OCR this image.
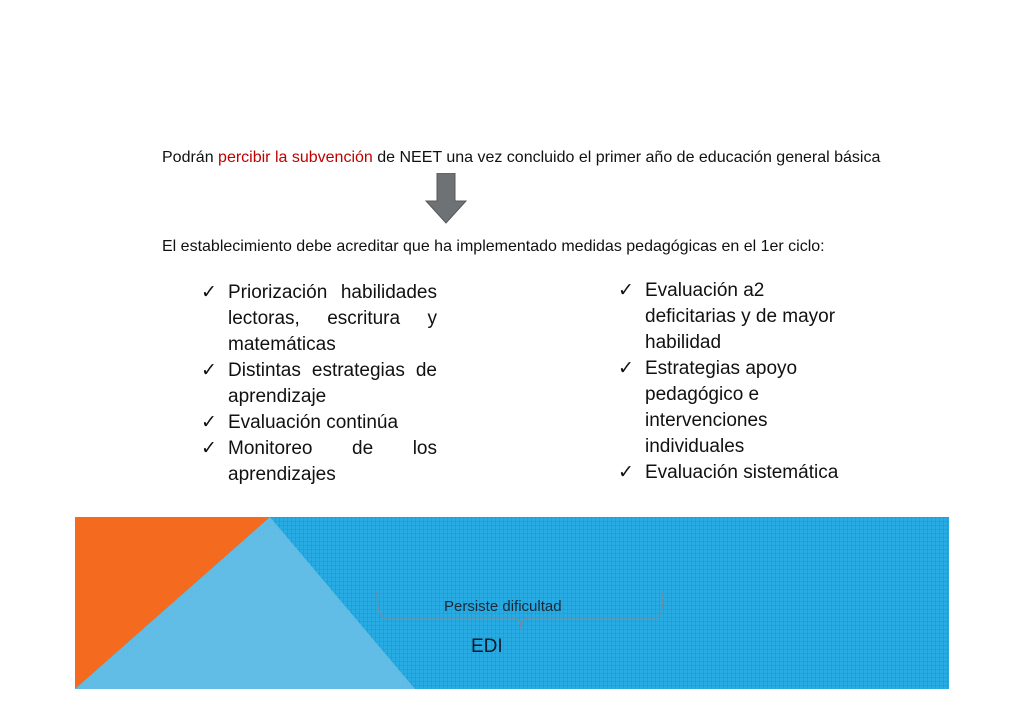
Podrán percibir la subvención de NEET una vez concluido el primer año de educación general básica
El establecimiento debe acreditar que ha implementado medidas pedagógicas en el 1er ciclo:
✓ Priorización habilidades lectoras, escritura y matemáticas
✓ Distintas estrategias de aprendizaje
✓ Evaluación continúa
✓ Monitoreo de los aprendizajes
✓ Evaluación a2 deficitarias y de mayor habilidad
✓ Estrategias apoyo pedagógico e intervenciones individuales
✓ Evaluación sistemática
Persiste dificultad
EDI
